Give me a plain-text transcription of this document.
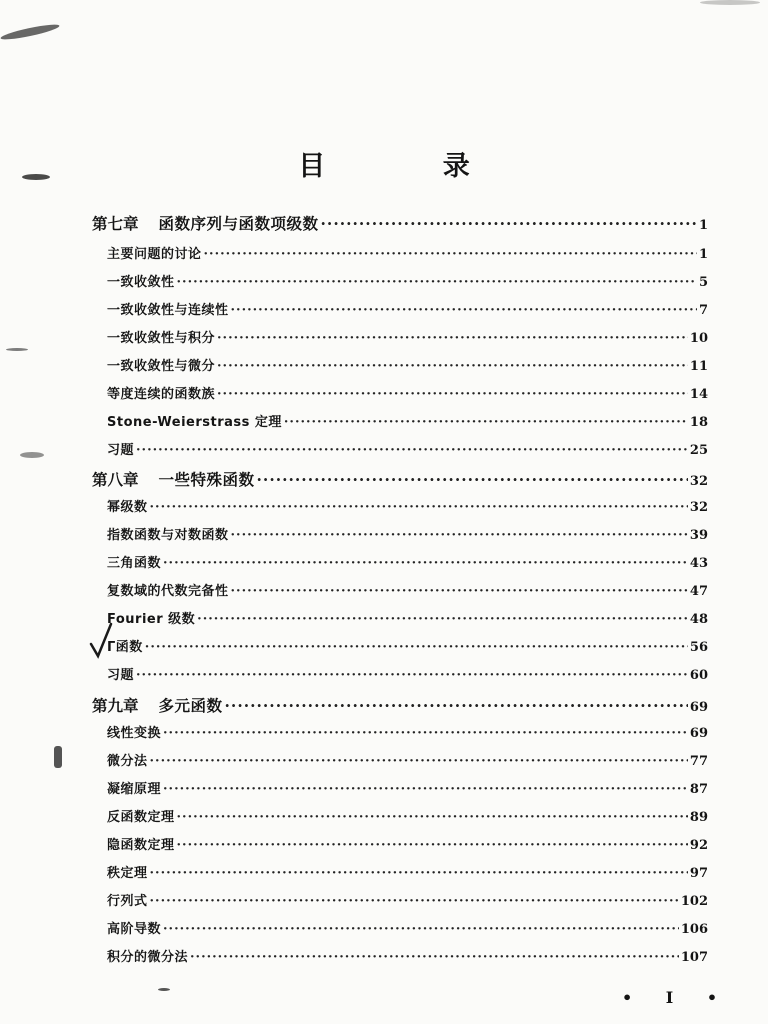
目 录
第七章 函数序列与函数项级数 ·····	1
主要问题的讨论 ·····	1
一致收敛性 ·····	5
一致收敛性与连续性 ·····	7
一致收敛性与积分 ·····	10
一致收敛性与微分 ·····	11
等度连续的函数族 ·····	14
Stone-Weierstrass 定理 ·····	18
习题 ·····	25
第八章 一些特殊函数 ·····	32
幂级数 ·····	32
指数函数与对数函数 ·····	39
三角函数 ·····	43
复数域的代数完备性 ·····	47
Fourier 级数 ·····	48
Γ函数 ·····	56
习题 ·····	60
第九章 多元函数 ·····	69
线性变换 ·····	69
微分法 ·····	77
凝缩原理 ·····	87
反函数定理 ·····	89
隐函数定理 ·····	92
秩定理 ·····	97
行列式 ·····	102
高阶导数 ·····	106
积分的微分法 ·····	107
• I •
